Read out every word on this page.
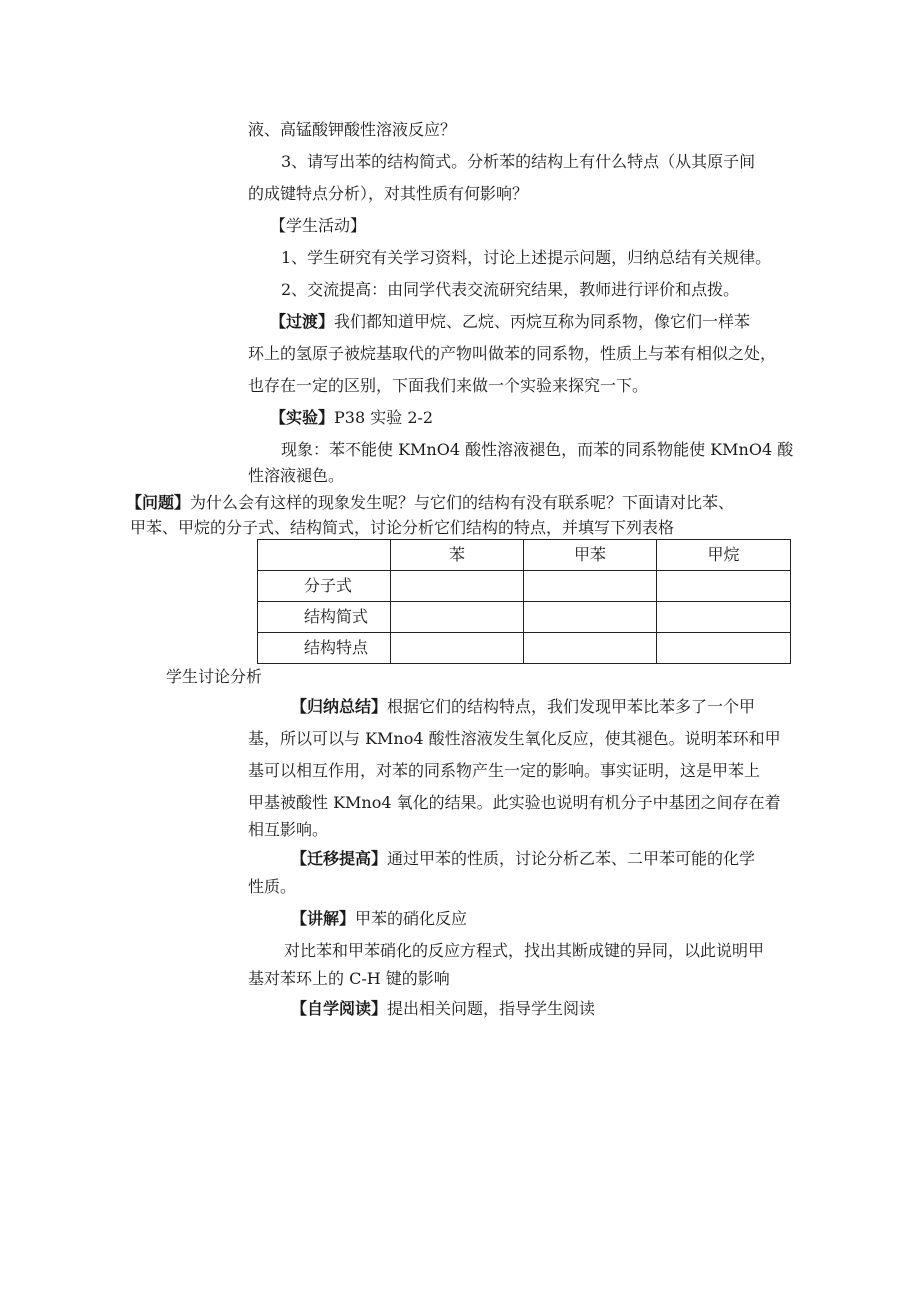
液、高锰酸钾酸性溶液反应？
3、请写出苯的结构简式。分析苯的结构上有什么特点（从其原子间
的成键特点分析），对其性质有何影响？
【学生活动】
1、学生研究有关学习资料，讨论上述提示问题，归纳总结有关规律。
2、交流提高：由同学代表交流研究结果，教师进行评价和点拨。
【过渡】我们都知道甲烷、乙烷、丙烷互称为同系物，像它们一样苯
环上的氢原子被烷基取代的产物叫做苯的同系物，性质上与苯有相似之处，
也存在一定的区别，下面我们来做一个实验来探究一下。
【实验】P38 实验 2-2
现象：苯不能使 KMnO4 酸性溶液褪色，而苯的同系物能使 KMnO4 酸
性溶液褪色。
【问题】为什么会有这样的现象发生呢？与它们的结构有没有联系呢？下面请对比苯、
甲苯、甲烷的分子式、结构简式，讨论分析它们结构的特点，并填写下列表格
	苯	甲苯	甲烷
分子式			
结构简式			
结构特点			
学生讨论分析
【归纳总结】根据它们的结构特点，我们发现甲苯比苯多了一个甲
基，所以可以与 KMno4 酸性溶液发生氧化反应，使其褪色。说明苯环和甲
基可以相互作用，对苯的同系物产生一定的影响。事实证明，这是甲苯上
甲基被酸性 KMno4 氧化的结果。此实验也说明有机分子中基团之间存在着
相互影响。
【迁移提高】通过甲苯的性质，讨论分析乙苯、二甲苯可能的化学
性质。
【讲解】甲苯的硝化反应
对比苯和甲苯硝化的反应方程式，找出其断成键的异同，以此说明甲
基对苯环上的 C-H 键的影响
【自学阅读】提出相关问题，指导学生阅读
